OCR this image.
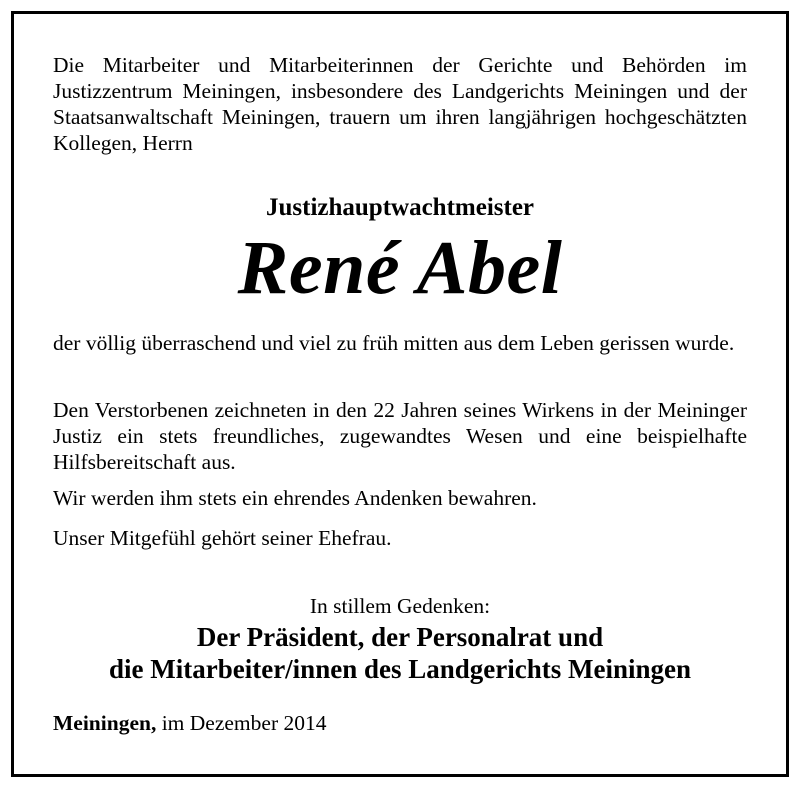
Die Mitarbeiter und Mitarbeiterinnen der Gerichte und Behörden im Justizzentrum Meiningen, insbesondere des Landgerichts Meiningen und der Staatsanwaltschaft Meiningen, trauern um ihren langjährigen hochgeschätzten Kollegen, Herrn

Justizhauptwachtmeister
René Abel

der völlig überraschend und viel zu früh mitten aus dem Leben gerissen wurde.

Den Verstorbenen zeichneten in den 22 Jahren seines Wirkens in der Meininger Justiz ein stets freundliches, zugewandtes Wesen und eine beispielhafte Hilfsbereitschaft aus.

Wir werden ihm stets ein ehrendes Andenken bewahren.

Unser Mitgefühl gehört seiner Ehefrau.

In stillem Gedenken:
Der Präsident, der Personalrat und
die Mitarbeiter/innen des Landgerichts Meiningen
Meiningen, im Dezember 2014
